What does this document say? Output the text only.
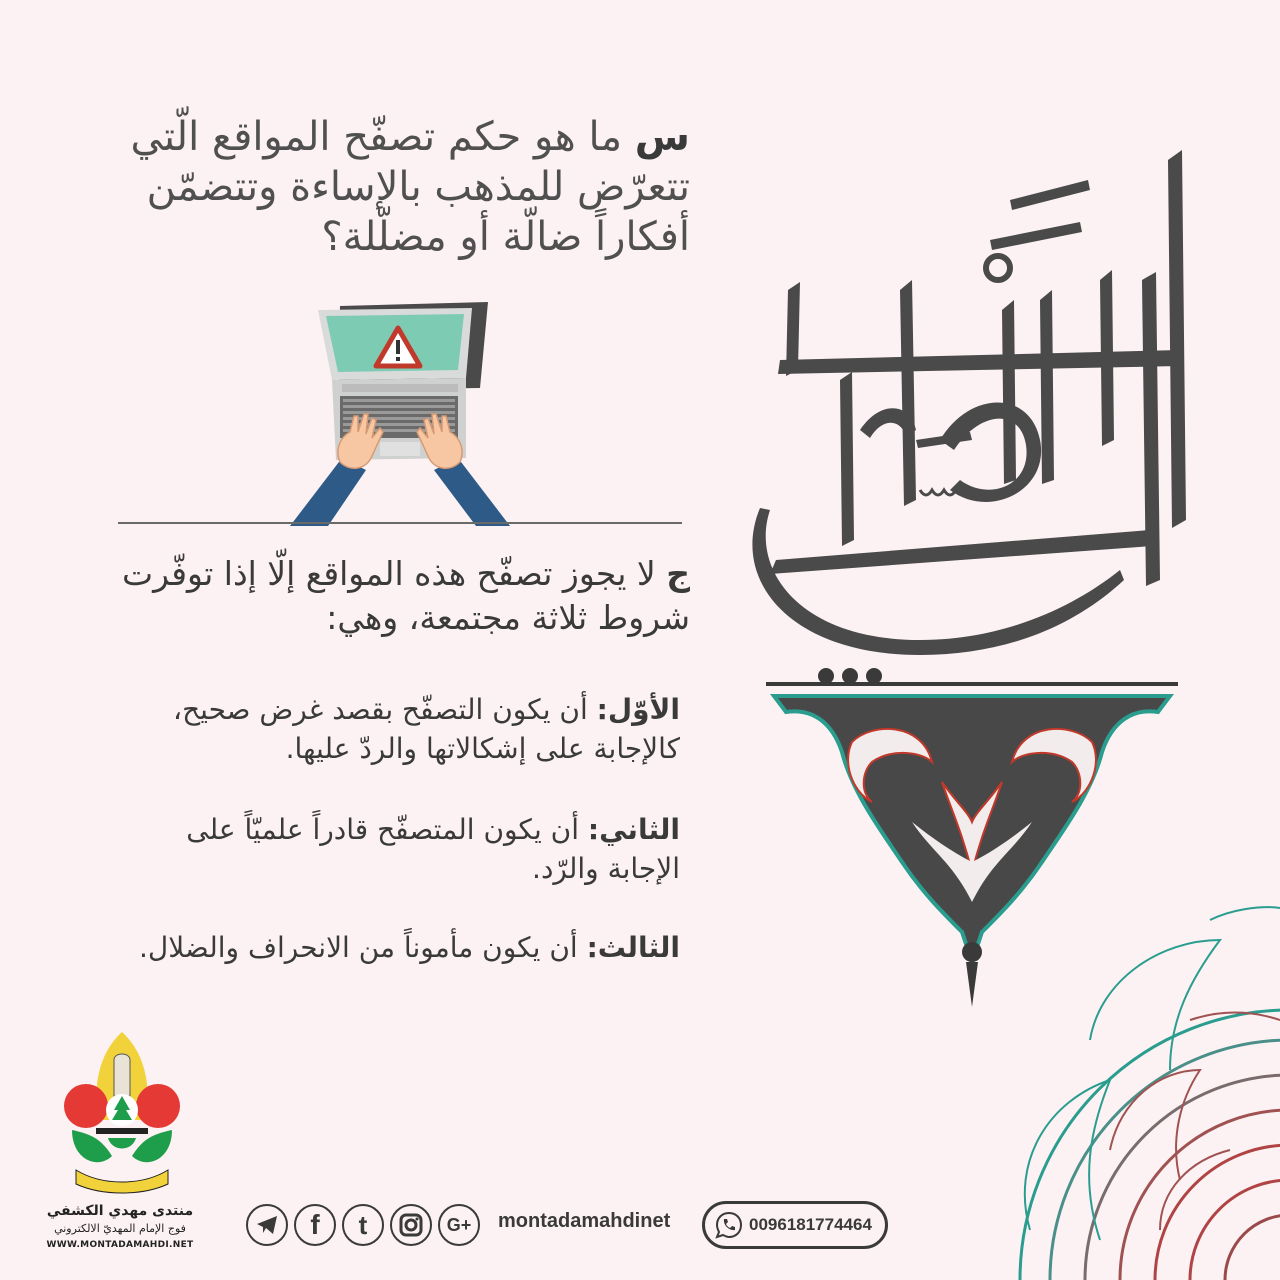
س ما هو حكم تصفّح المواقع الّتي تتعرّض للمذهب بالإساءة وتتضمّن أفكاراً ضالّة أو مضلّلة؟
ج لا يجوز تصفّح هذه المواقع إلّا إذا توفّرت شروط ثلاثة مجتمعة، وهي:
الأوّل: أن يكون التصفّح بقصد غرض صحيح، كالإجابة على إشكالاتها والردّ عليها.
الثاني: أن يكون المتصفّح قادراً علميّاً على الإجابة والرّد.
الثالث: أن يكون مأموناً من الانحراف والضلال.
منتدى مهدي الكشفي
فوج الإمام المهديّ الالكتروني
WWW.MONTADAMAHDI.NET
f t	G+ montadamahdinet	0096181774464
